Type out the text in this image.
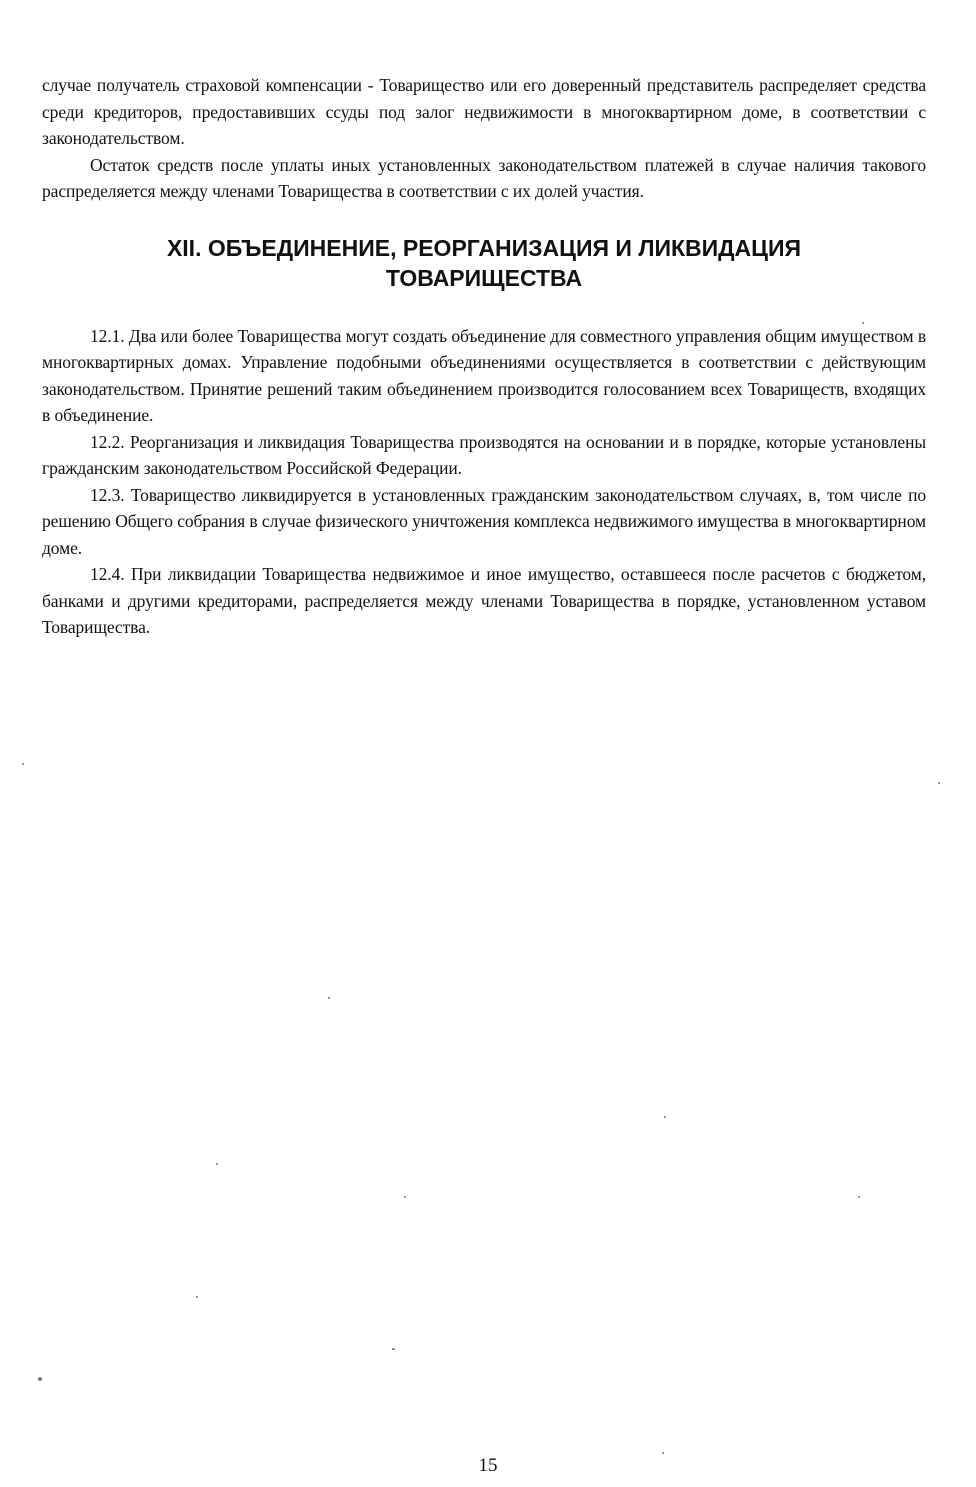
случае получатель страховой компенсации - Товарищество или его доверенный представитель распределяет средства среди кредиторов, предоставивших ссуды под залог недвижимости в многоквартирном доме, в соответствии с законодательством.

Остаток средств после уплаты иных установленных законодательством платежей в случае наличия такового распределяется между членами Товарищества в соответствии с их долей участия.

XII. ОБЪЕДИНЕНИЕ, РЕОРГАНИЗАЦИЯ И ЛИКВИДАЦИЯ
ТОВАРИЩЕСТВА

12.1. Два или более Товарищества могут создать объединение для совместного управления общим имуществом в многоквартирных домах. Управление подобными объединениями осуществляется в соответствии с действующим законодательством. Принятие решений таким объединением производится голосованием всех Товариществ, входящих в объединение.

12.2. Реорганизация и ликвидация Товарищества производятся на основании и в порядке, которые установлены гражданским законодательством Российской Федерации.

12.3. Товарищество ликвидируется в установленных гражданским законодательством случаях, в, том числе по решению Общего собрания в случае физического уничтожения комплекса недвижимого имущества в многоквартирном доме.

12.4. При ликвидации Товарищества недвижимое и иное имущество, оставшееся после расчетов с бюджетом, банками и другими кредиторами, распределяется между членами Товарищества в порядке, установленном уставом Товарищества.

15
